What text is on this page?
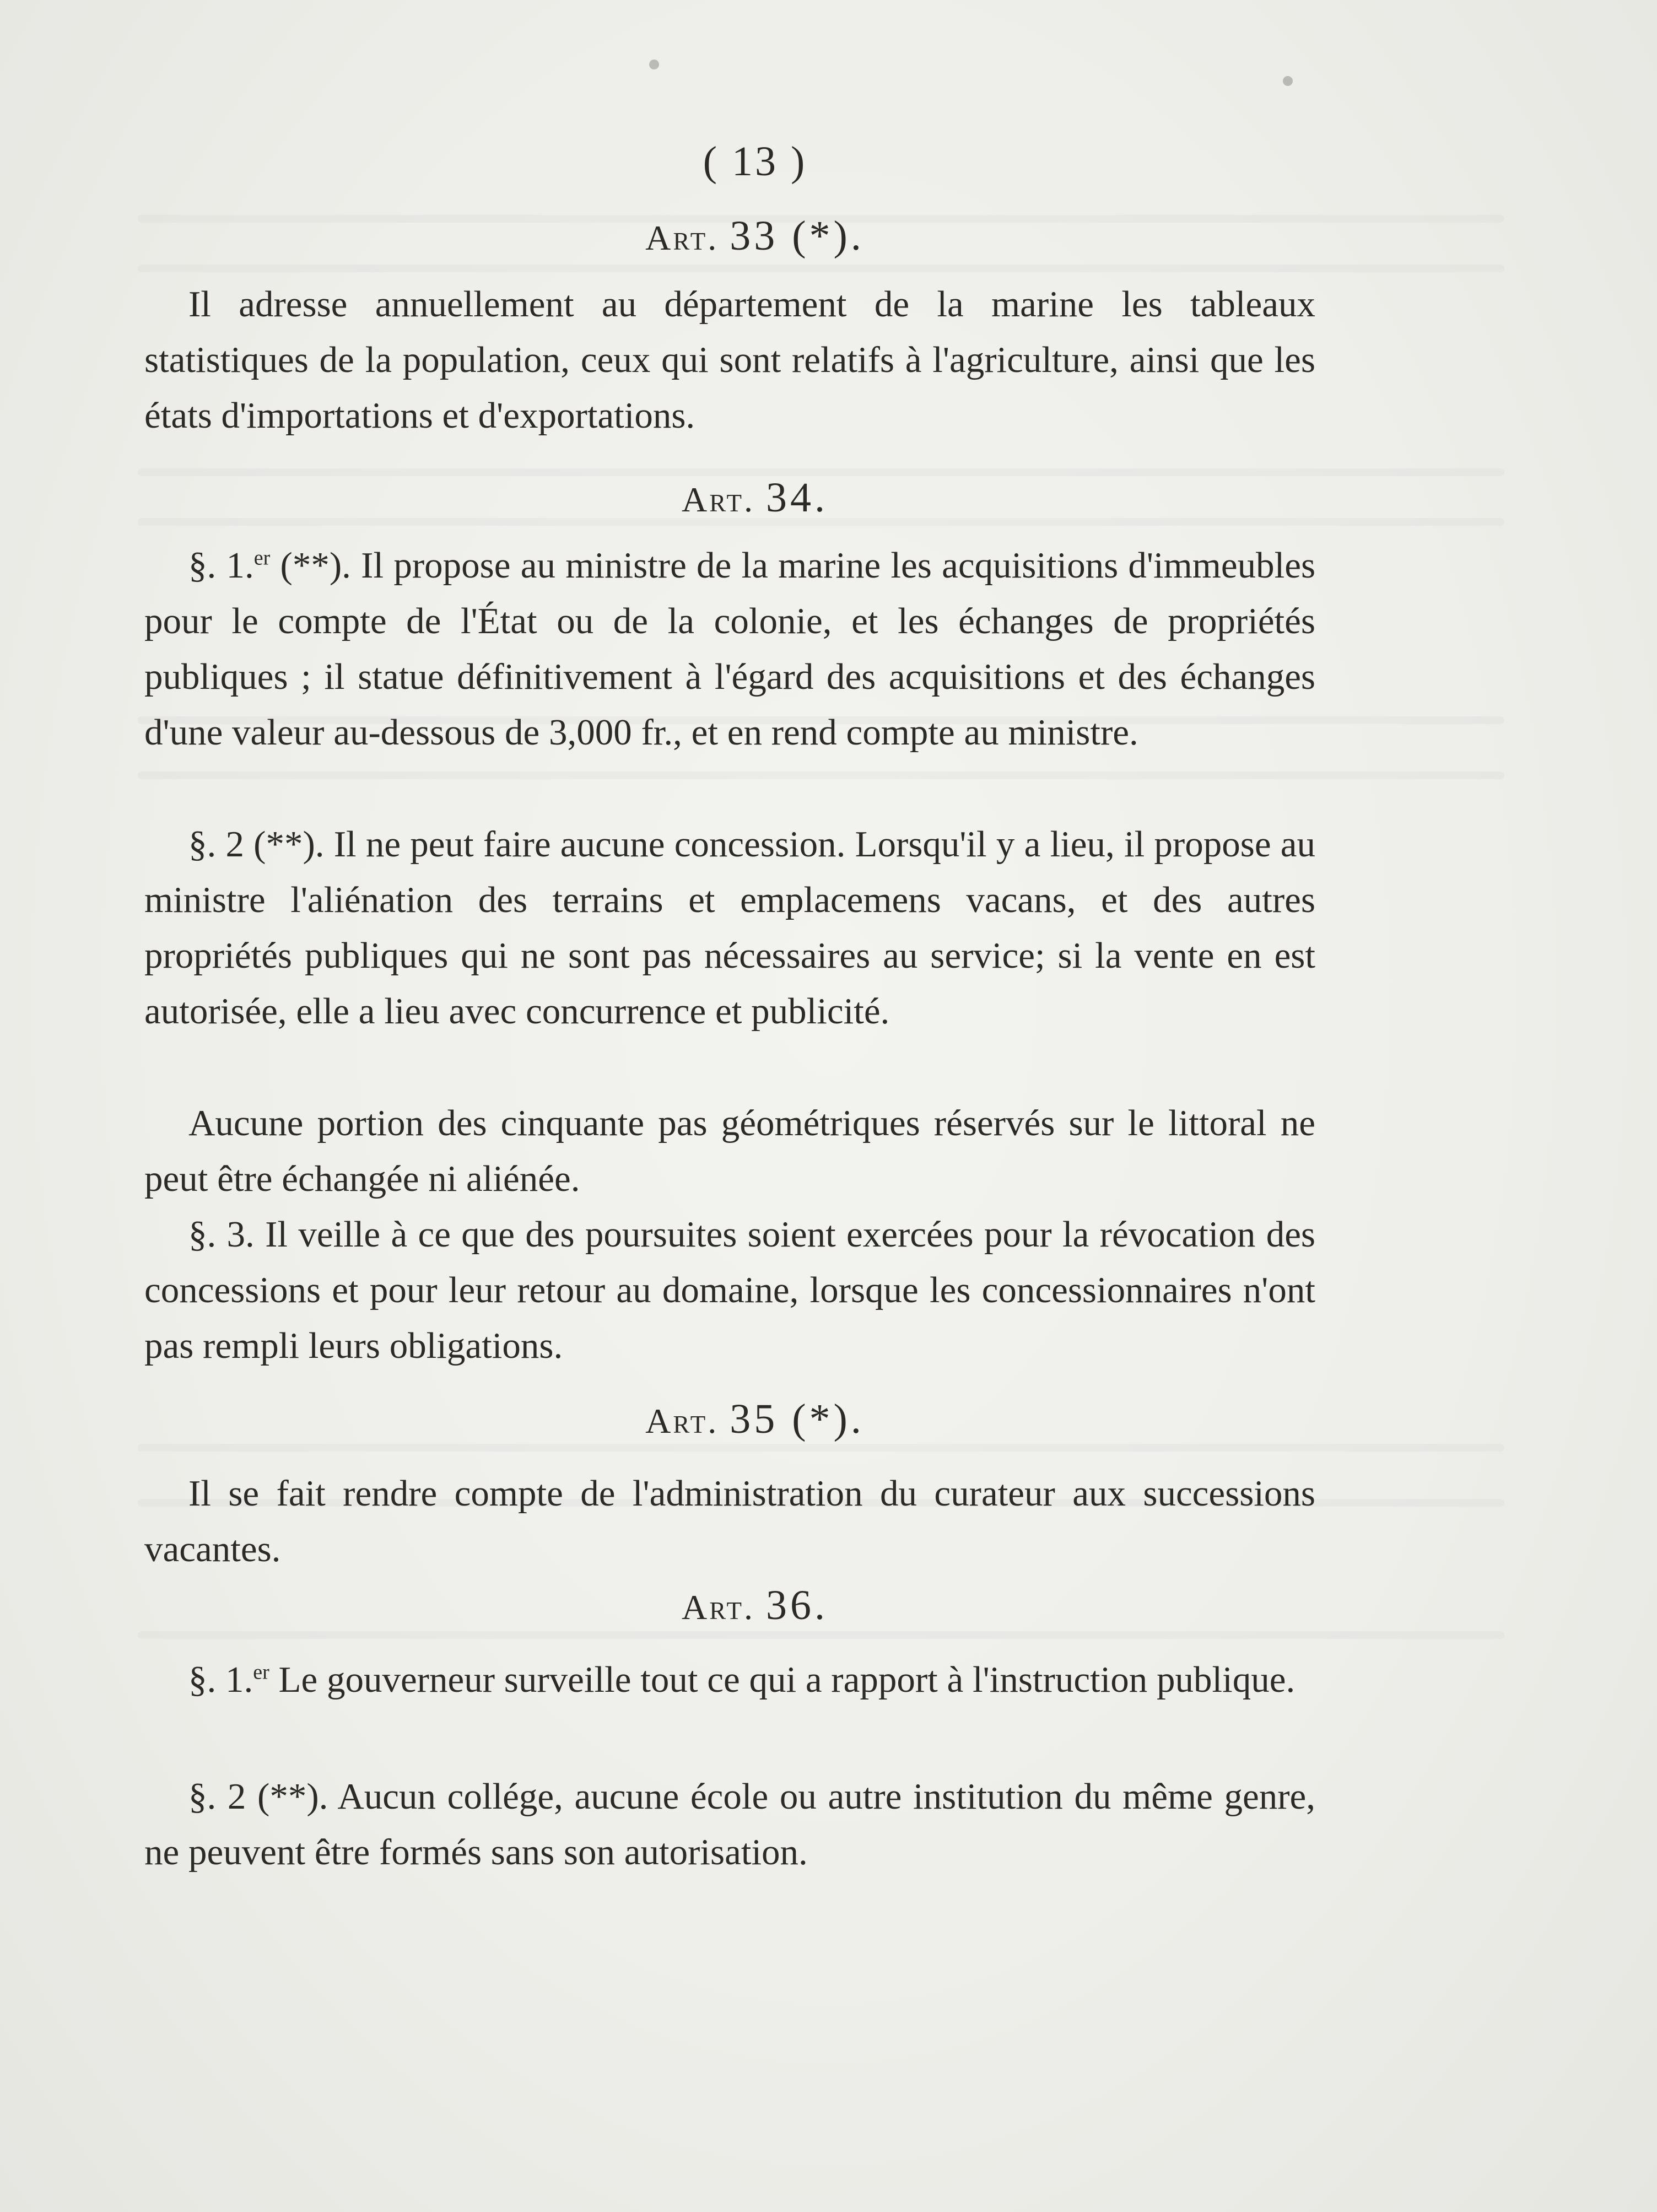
( 13 )
Art. 33 (*).

Il adresse annuellement au département de la marine les tableaux statistiques de la population, ceux qui sont relatifs à l'agriculture, ainsi que les états d'importations et d'exportations.

Art. 34.

§. 1.$^{er}$ (**). Il propose au ministre de la marine les acquisitions d'immeubles pour le compte de l'État ou de la colonie, et les échanges de propriétés publiques ; il statue définitivement à l'égard des acquisitions et des échanges d'une valeur au-dessous de 3,000 fr., et en rend compte au ministre.

§. 2 (**). Il ne peut faire aucune concession. Lorsqu'il y a lieu, il propose au ministre l'aliénation des terrains et emplacemens vacans, et des autres propriétés publiques qui ne sont pas nécessaires au service; si la vente en est autorisée, elle a lieu avec concurrence et publicité.

Aucune portion des cinquante pas géométriques réservés sur le littoral ne peut être échangée ni aliénée.

§. 3. Il veille à ce que des poursuites soient exercées pour la révocation des concessions et pour leur retour au domaine, lorsque les concessionnaires n'ont pas rempli leurs obligations.

Art. 35 (*).

Il se fait rendre compte de l'administration du curateur aux successions vacantes.

Art. 36.

§. 1.$^{er}$ Le gouverneur surveille tout ce qui a rapport à l'instruction publique.

§. 2 (**). Aucun collége, aucune école ou autre institution du même genre, ne peuvent être formés sans son autorisation.
